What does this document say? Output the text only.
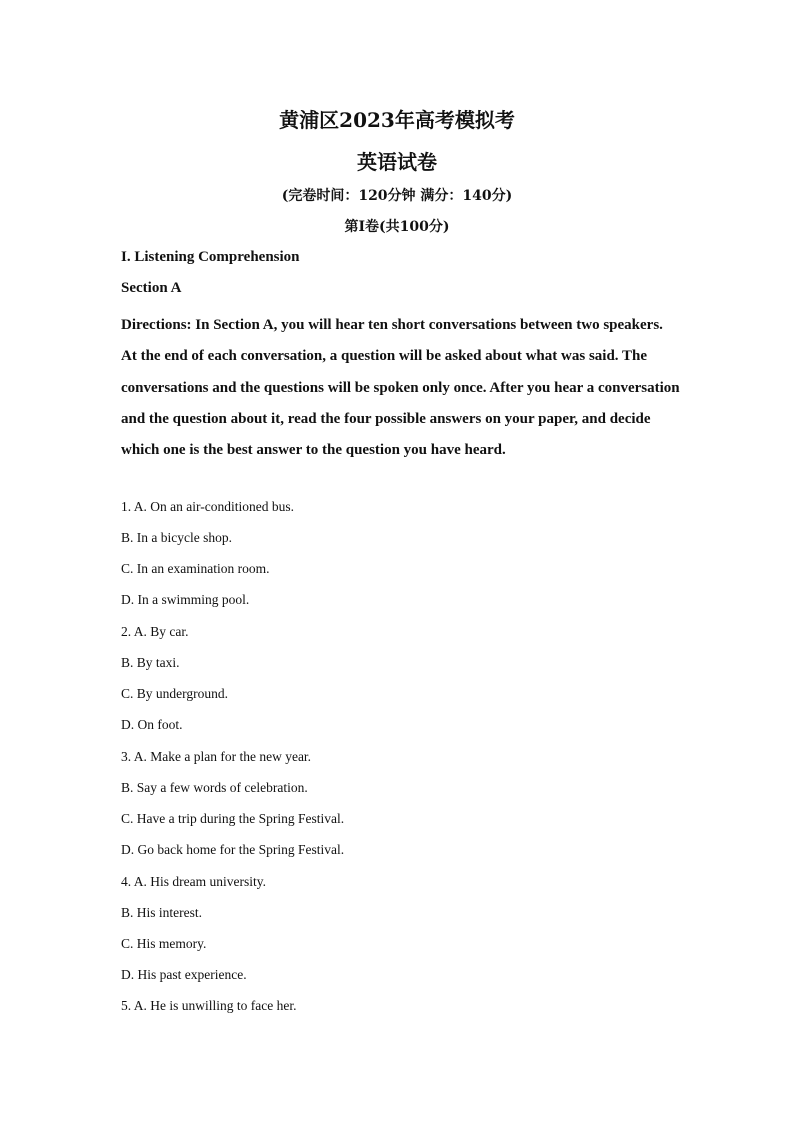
黄浦区2023年高考模拟考
英语试卷
(完卷时间：120分钟 满分：140分)
第I卷(共100分)
I. Listening Comprehension
Section A

Directions: In Section A, you will hear ten short conversations between two speakers. At the end of each conversation, a question will be asked about what was said. The conversations and the questions will be spoken only once. After you hear a conversation and the question about it, read the four possible answers on your paper, and decide which one is the best answer to the question you have heard.

1. A. On an air-conditioned bus.
B. In a bicycle shop.
C. In an examination room.
D. In a swimming pool.
2. A. By car.
B. By taxi.
C. By underground.
D. On foot.
3. A. Make a plan for the new year.
B. Say a few words of celebration.
C. Have a trip during the Spring Festival.
D. Go back home for the Spring Festival.
4. A. His dream university.
B. His interest.
C. His memory.
D. His past experience.
5. A. He is unwilling to face her.
